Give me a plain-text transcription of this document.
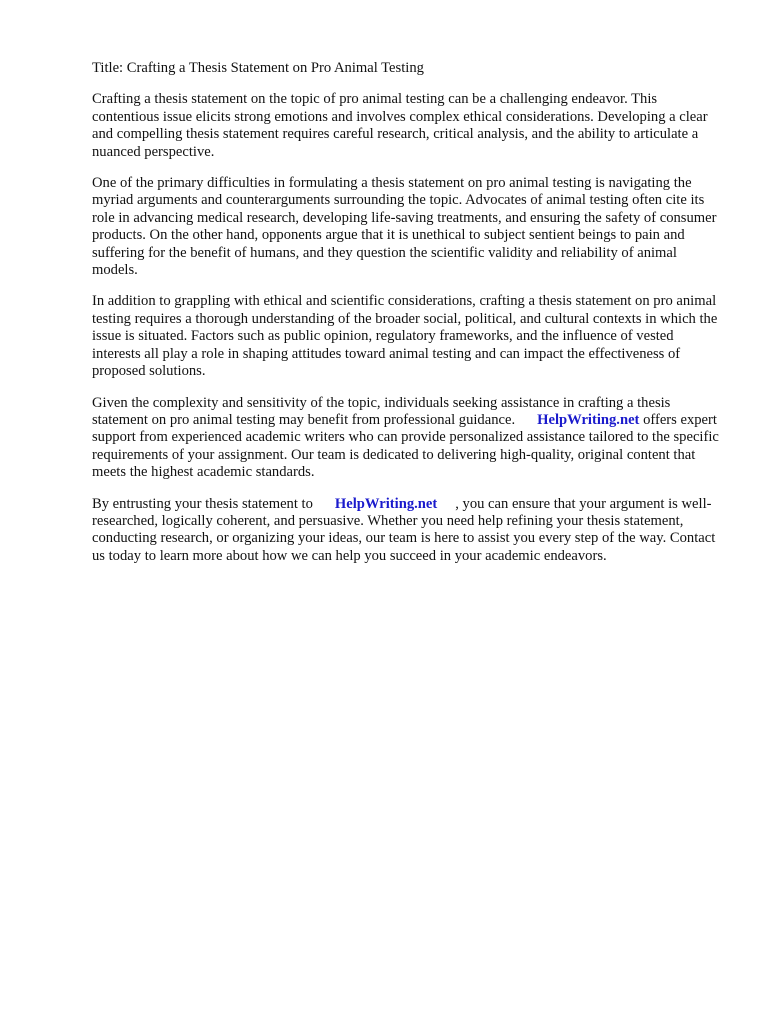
Title: Crafting a Thesis Statement on Pro Animal Testing

Crafting a thesis statement on the topic of pro animal testing can be a challenging endeavor. This contentious issue elicits strong emotions and involves complex ethical considerations. Developing a clear and compelling thesis statement requires careful research, critical analysis, and the ability to articulate a nuanced perspective.

One of the primary difficulties in formulating a thesis statement on pro animal testing is navigating the myriad arguments and counterarguments surrounding the topic. Advocates of animal testing often cite its role in advancing medical research, developing life-saving treatments, and ensuring the safety of consumer products. On the other hand, opponents argue that it is unethical to subject sentient beings to pain and suffering for the benefit of humans, and they question the scientific validity and reliability of animal models.

In addition to grappling with ethical and scientific considerations, crafting a thesis statement on pro animal testing requires a thorough understanding of the broader social, political, and cultural contexts in which the issue is situated. Factors such as public opinion, regulatory frameworks, and the influence of vested interests all play a role in shaping attitudes toward animal testing and can impact the effectiveness of proposed solutions.

Given the complexity and sensitivity of the topic, individuals seeking assistance in crafting a thesis statement on pro animal testing may benefit from professional guidance. HelpWriting.net offers expert support from experienced academic writers who can provide personalized assistance tailored to the specific requirements of your assignment. Our team is dedicated to delivering high-quality, original content that meets the highest academic standards.

By entrusting your thesis statement to HelpWriting.net , you can ensure that your argument is well-researched, logically coherent, and persuasive. Whether you need help refining your thesis statement, conducting research, or organizing your ideas, our team is here to assist you every step of the way. Contact us today to learn more about how we can help you succeed in your academic endeavors.
